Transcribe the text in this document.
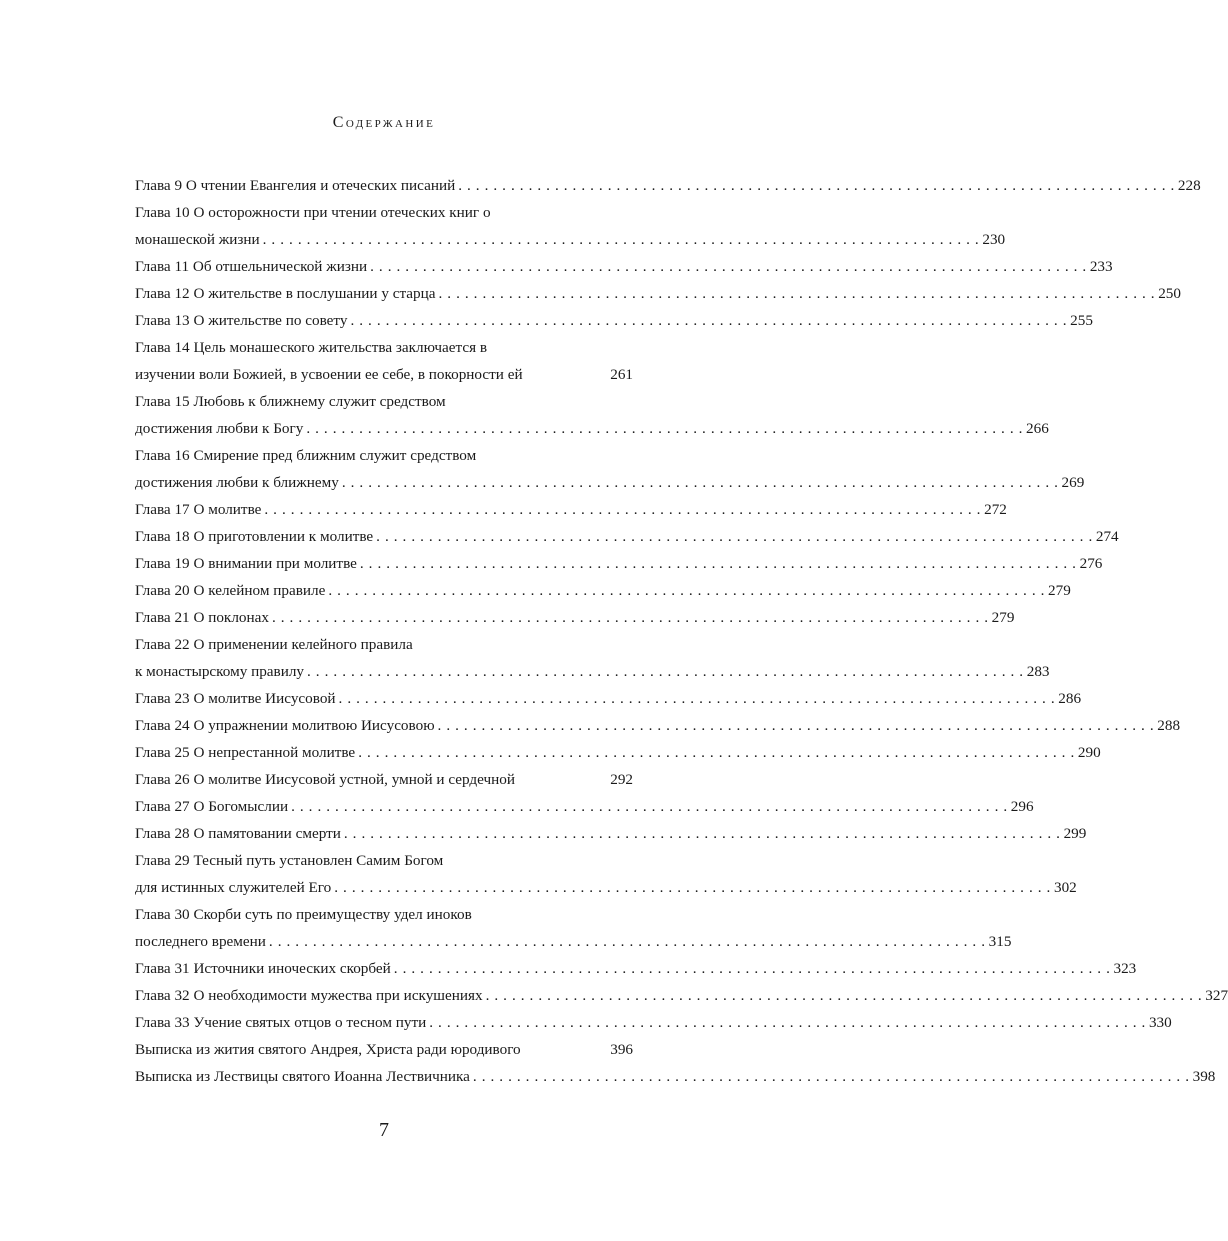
Содержание
Глава 9 О чтении Евангелия и отеческих писаний . . .	228
Глава 10 О осторожности при чтении отеческих книг о
монашеской жизни . . .	230
Глава 11 Об отшельнической жизни . . .	233
Глава 12 О жительстве в послушании у старца . . .	250
Глава 13 О жительстве по совету . . .	255
Глава 14 Цель монашеского жительства заключается в
изучении воли Божией, в усвоении ее себе, в покорности ей	261
Глава 15 Любовь к ближнему служит средством
достижения любви к Богу . . .	266
Глава 16 Смирение пред ближним служит средством
достижения любви к ближнему . . .	269
Глава 17 О молитве . . .	272
Глава 18 О приготовлении к молитве . . .	274
Глава 19 О внимании при молитве . . .	276
Глава 20 О келейном правиле . . .	279
Глава 21 О поклонах . . .	279
Глава 22 О применении келейного правила
к монастырскому правилу . . .	283
Глава 23 О молитве Иисусовой . . .	286
Глава 24 О упражнении молитвою Иисусовою . . .	288
Глава 25 О непрестанной молитве . . .	290
Глава 26 О молитве Иисусовой устной, умной и сердечной	292
Глава 27 О Богомыслии . . .	296
Глава 28 О памятовании смерти . . .	299
Глава 29 Тесный путь установлен Самим Богом
для истинных служителей Его . . .	302
Глава 30 Скорби суть по преимуществу удел иноков
последнего времени . . .	315
Глава 31 Источники иноческих скорбей . . .	323
Глава 32 О необходимости мужества при искушениях . . .	327
Глава 33 Учение святых отцов о тесном пути . . .	330
Выписка из жития святого Андрея, Христа ради юродивого	396
Выписка из Лествицы святого Иоанна Лествичника . . .	398
7
